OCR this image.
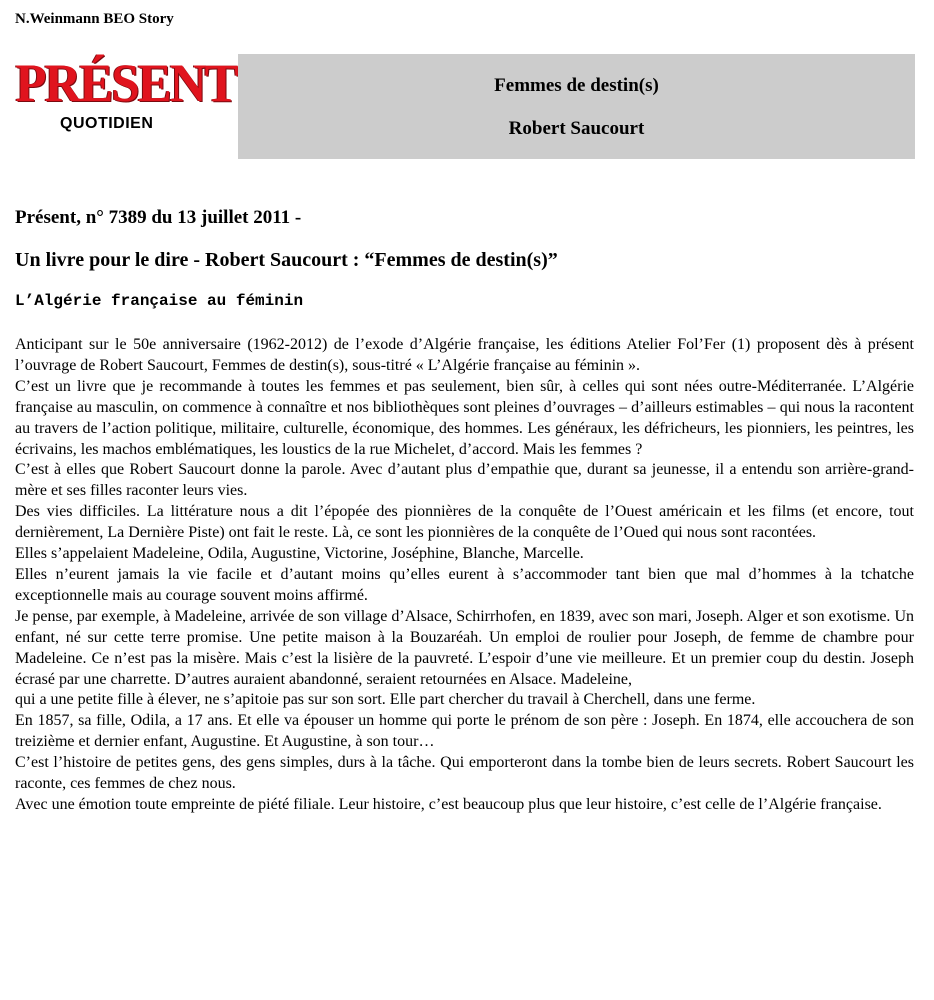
N.Weinmann BEO Story
PRÉSENT
QUOTIDIEN
Femmes de destin(s)
Robert Saucourt
Présent, n° 7389 du 13 juillet 2011 -
Un livre pour le dire - Robert Saucourt : “Femmes de destin(s)”
L’Algérie française au féminin

Anticipant sur le 50e anniversaire (1962-2012) de l’exode d’Algérie française, les éditions Atelier Fol’Fer (1) proposent dès à présent l’ouvrage de Robert Saucourt, Femmes de destin(s), sous-titré « L’Algérie française au féminin ».

C’est un livre que je recommande à toutes les femmes et pas seulement, bien sûr, à celles qui sont nées outre-Méditerranée. L’Algérie française au masculin, on commence à connaître et nos bibliothèques sont pleines d’ouvrages – d’ailleurs estimables – qui nous la racontent au travers de l’action politique, militaire, culturelle, économique, des hommes. Les généraux, les défricheurs, les pionniers, les peintres, les écrivains, les machos emblématiques, les loustics de la rue Michelet, d’accord. Mais les femmes ?

C’est à elles que Robert Saucourt donne la parole. Avec d’autant plus d’empathie que, durant sa jeunesse, il a entendu son arrière-grand-mère et ses filles raconter leurs vies.

Des vies difficiles. La littérature nous a dit l’épopée des pionnières de la conquête de l’Ouest américain et les films (et encore, tout dernièrement, La Dernière Piste) ont fait le reste. Là, ce sont les pionnières de la conquête de l’Oued qui nous sont racontées.

Elles s’appelaient Madeleine, Odila, Augustine, Victorine, Joséphine, Blanche, Marcelle.

Elles n’eurent jamais la vie facile et d’autant moins qu’elles eurent à s’accommoder tant bien que mal d’hommes à la tchatche exceptionnelle mais au courage souvent moins affirmé.

Je pense, par exemple, à Madeleine, arrivée de son village d’Alsace, Schirrhofen, en 1839, avec son mari, Joseph. Alger et son exotisme. Un enfant, né sur cette terre promise. Une petite maison à la Bouzaréah. Un emploi de roulier pour Joseph, de femme de chambre pour Madeleine. Ce n’est pas la misère. Mais c’est la lisière de la pauvreté. L’espoir d’une vie meilleure. Et un premier coup du destin. Joseph écrasé par une charrette. D’autres auraient abandonné, seraient retournées en Alsace. Madeleine,

qui a une petite fille à élever, ne s’apitoie pas sur son sort. Elle part chercher du travail à Cherchell, dans une ferme.

En 1857, sa fille, Odila, a 17 ans. Et elle va épouser un homme qui porte le prénom de son père : Joseph. En 1874, elle accouchera de son treizième et dernier enfant, Augustine. Et Augustine, à son tour…

C’est l’histoire de petites gens, des gens simples, durs à la tâche. Qui emporteront dans la tombe bien de leurs secrets. Robert Saucourt les raconte, ces femmes de chez nous.

Avec une émotion toute empreinte de piété filiale. Leur histoire, c’est beaucoup plus que leur histoire, c’est celle de l’Algérie française.
